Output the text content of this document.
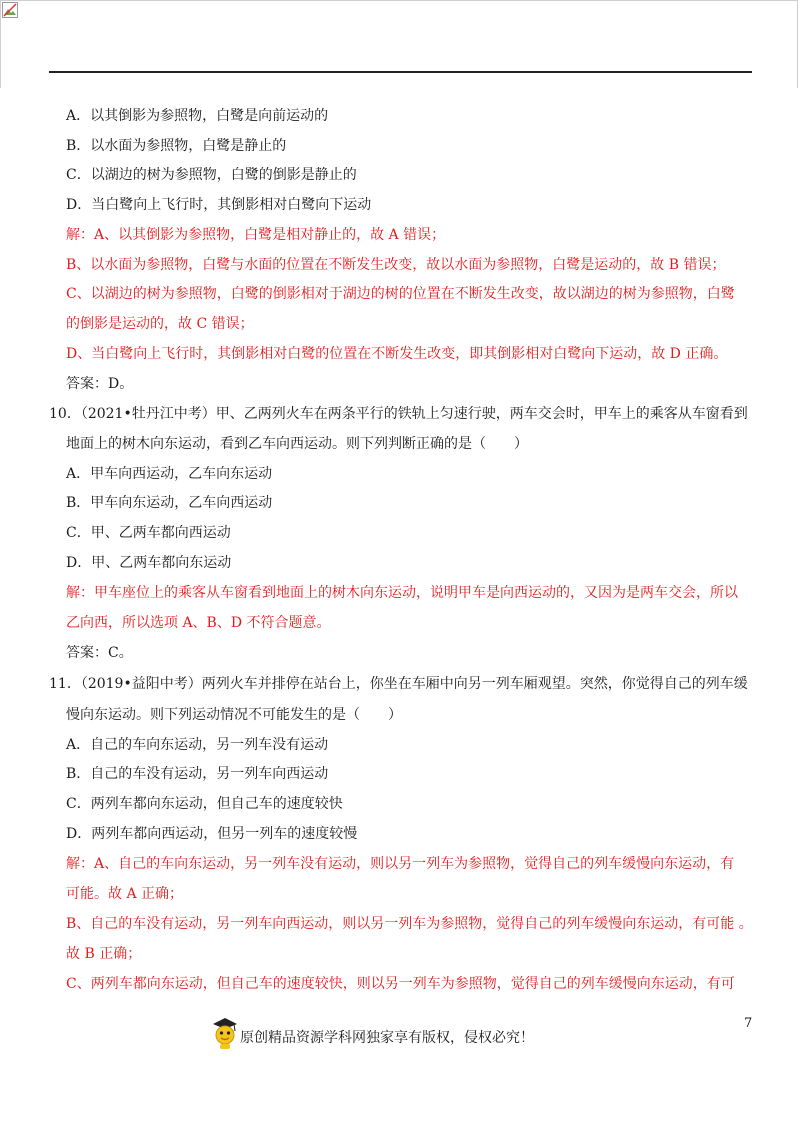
A．以其倒影为参照物，白鹭是向前运动的
B．以水面为参照物，白鹭是静止的
C．以湖边的树为参照物，白鹭的倒影是静止的
D．当白鹭向上飞行时，其倒影相对白鹭向下运动
解：A、以其倒影为参照物，白鹭是相对静止的，故 A 错误；
B、以水面为参照物，白鹭与水面的位置在不断发生改变，故以水面为参照物，白鹭是运动的，故 B 错误；
C、以湖边的树为参照物，白鹭的倒影相对于湖边的树的位置在不断发生改变，故以湖边的树为参照物，白鹭
的倒影是运动的，故 C 错误；
D、当白鹭向上飞行时，其倒影相对白鹭的位置在不断发生改变，即其倒影相对白鹭向下运动，故 D 正确。
答案：D。
10．（2021•牡丹江中考）甲、乙两列火车在两条平行的铁轨上匀速行驶，两车交会时，甲车上的乘客从车窗看到
地面上的树木向东运动，看到乙车向西运动。则下列判断正确的是（　　）
A．甲车向西运动，乙车向东运动
B．甲车向东运动，乙车向西运动
C．甲、乙两车都向西运动
D．甲、乙两车都向东运动
解：甲车座位上的乘客从车窗看到地面上的树木向东运动，说明甲车是向西运动的，又因为是两车交会，所以
乙向西，所以选项 A、B、D 不符合题意。
答案：C。
11．（2019•益阳中考）两列火车并排停在站台上，你坐在车厢中向另一列车厢观望。突然，你觉得自己的列车缓
慢向东运动。则下列运动情况不可能发生的是（　　）
A．自己的车向东运动，另一列车没有运动
B．自己的车没有运动，另一列车向西运动
C．两列车都向东运动，但自己车的速度较快
D．两列车都向西运动，但另一列车的速度较慢
解：A、自己的车向东运动，另一列车没有运动，则以另一列车为参照物，觉得自己的列车缓慢向东运动，有
可能。故 A 正确；
B、自己的车没有运动，另一列车向西运动，则以另一列车为参照物，觉得自己的列车缓慢向东运动，有可能 。
故 B 正确；
C、两列车都向东运动，但自己车的速度较快，则以另一列车为参照物，觉得自己的列车缓慢向东运动，有可
原创精品资源学科网独家享有版权，侵权必究！
7
